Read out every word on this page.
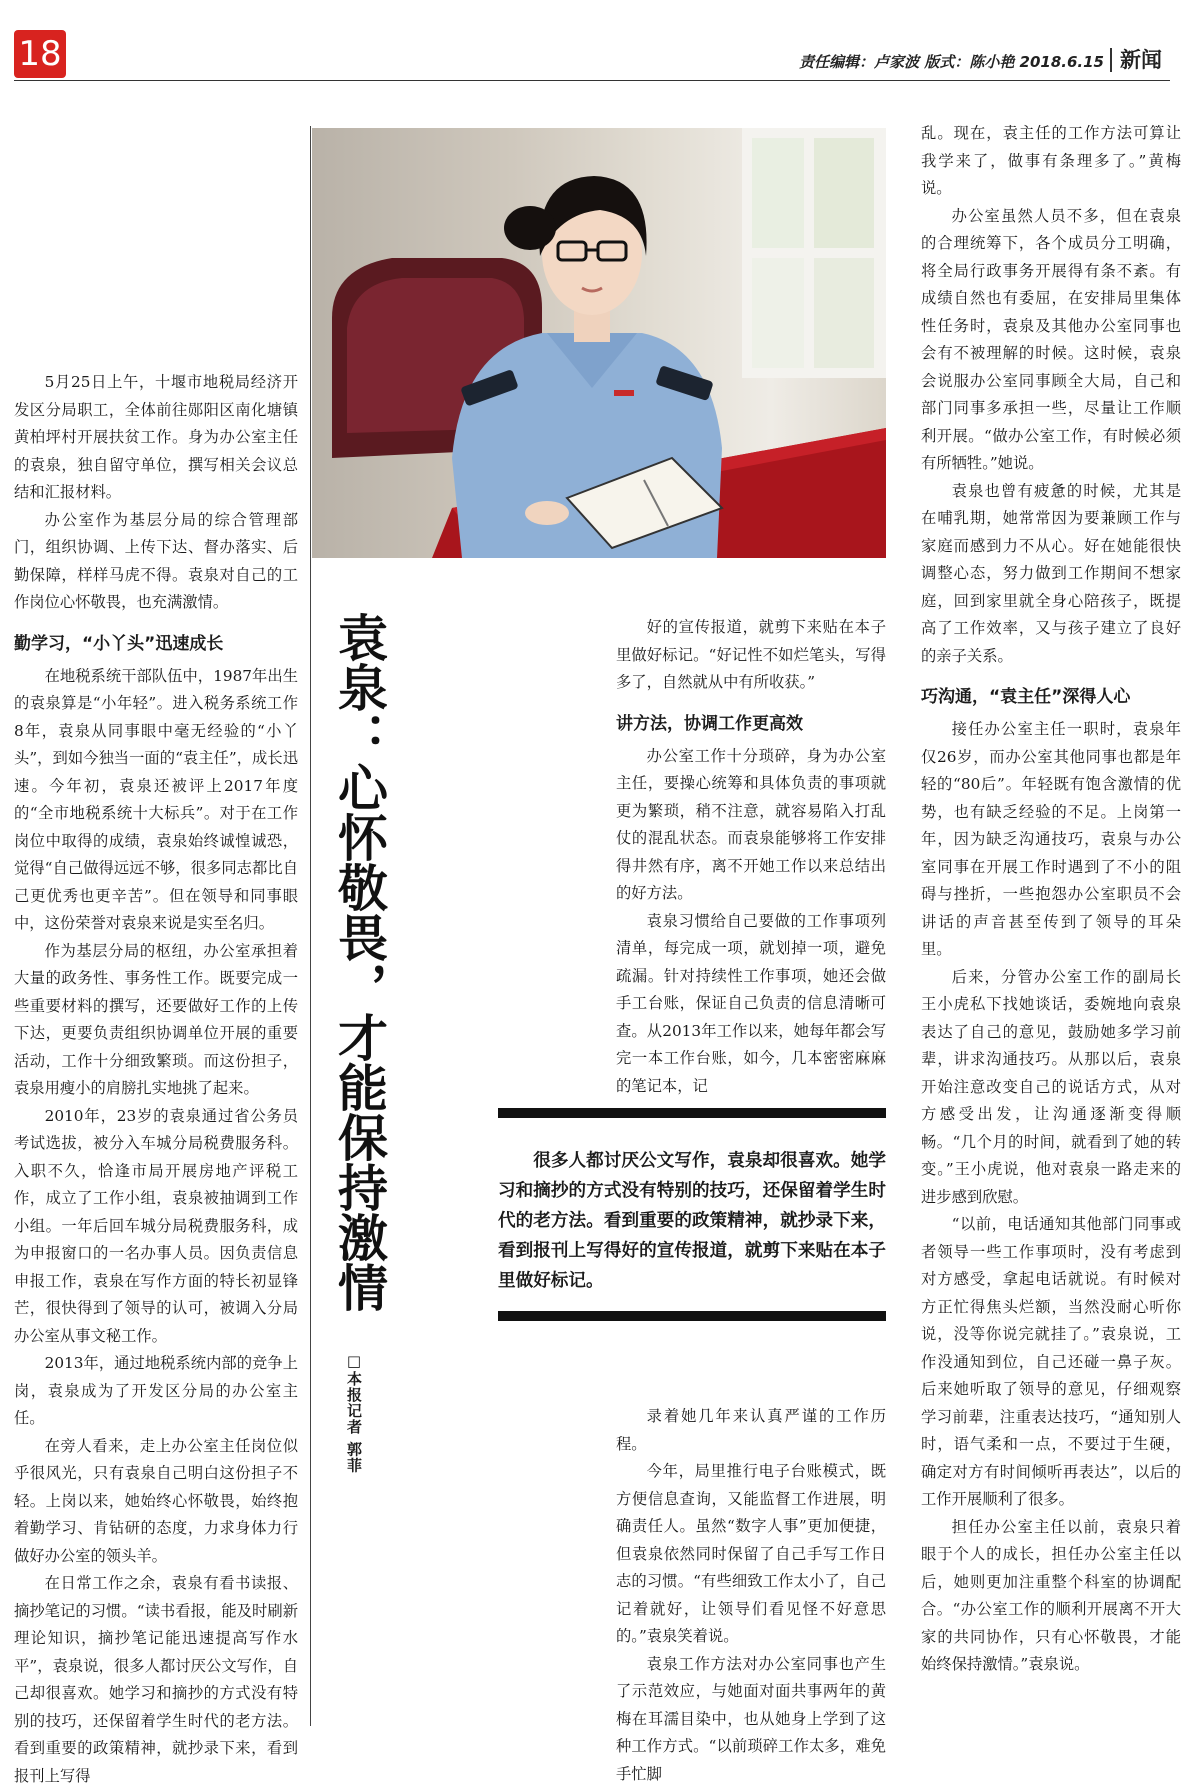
18	责任编辑：卢家波 版式：陈小艳 2018.6.15 新闻

5月25日上午，十堰市地税局经济开发区分局职工，全体前往郧阳区南化塘镇黄柏坪村开展扶贫工作。身为办公室主任的袁泉，独自留守单位，撰写相关会议总结和汇报材料。

办公室作为基层分局的综合管理部门，组织协调、上传下达、督办落实、后勤保障，样样马虎不得。袁泉对自己的工作岗位心怀敬畏，也充满激情。

勤学习，“小丫头”迅速成长

在地税系统干部队伍中，1987年出生的袁泉算是“小年轻”。进入税务系统工作8年，袁泉从同事眼中毫无经验的“小丫头”，到如今独当一面的“袁主任”，成长迅速。今年初，袁泉还被评上2017年度的“全市地税系统十大标兵”。对于在工作岗位中取得的成绩，袁泉始终诚惶诚恐，觉得“自己做得远远不够，很多同志都比自己更优秀也更辛苦”。但在领导和同事眼中，这份荣誉对袁泉来说是实至名归。

作为基层分局的枢纽，办公室承担着大量的政务性、事务性工作。既要完成一些重要材料的撰写，还要做好工作的上传下达，更要负责组织协调单位开展的重要活动，工作十分细致繁琐。而这份担子，袁泉用瘦小的肩膀扎实地挑了起来。

2010年，23岁的袁泉通过省公务员考试选拔，被分入车城分局税费服务科。入职不久，恰逢市局开展房地产评税工作，成立了工作小组，袁泉被抽调到工作小组。一年后回车城分局税费服务科，成为申报窗口的一名办事人员。因负责信息申报工作，袁泉在写作方面的特长初显锋芒，很快得到了领导的认可，被调入分局办公室从事文秘工作。

2013年，通过地税系统内部的竞争上岗，袁泉成为了开发区分局的办公室主任。

在旁人看来，走上办公室主任岗位似乎很风光，只有袁泉自己明白这份担子不轻。上岗以来，她始终心怀敬畏，始终抱着勤学习、肯钻研的态度，力求身体力行做好办公室的领头羊。

在日常工作之余，袁泉有看书读报、摘抄笔记的习惯。“读书看报，能及时刷新理论知识，摘抄笔记能迅速提高写作水平”，袁泉说，很多人都讨厌公文写作，自己却很喜欢。她学习和摘抄的方式没有特别的技巧，还保留着学生时代的老方法。看到重要的政策精神，就抄录下来，看到报刊上写得

袁泉：心怀敬畏，才能保持激情
□本报记者 郭菲

好的宣传报道，就剪下来贴在本子里做好标记。“好记性不如烂笔头，写得多了，自然就从中有所收获。”

讲方法，协调工作更高效

办公室工作十分琐碎，身为办公室主任，要操心统筹和具体负责的事项就更为繁琐，稍不注意，就容易陷入打乱仗的混乱状态。而袁泉能够将工作安排得井然有序，离不开她工作以来总结出的好方法。

袁泉习惯给自己要做的工作事项列清单，每完成一项，就划掉一项，避免疏漏。针对持续性工作事项，她还会做手工台账，保证自己负责的信息清晰可查。从2013年工作以来，她每年都会写完一本工作台账，如今，几本密密麻麻的笔记本，记

很多人都讨厌公文写作，袁泉却很喜欢。她学习和摘抄的方式没有特别的技巧，还保留着学生时代的老方法。看到重要的政策精神，就抄录下来，看到报刊上写得好的宣传报道，就剪下来贴在本子里做好标记。

录着她几年来认真严谨的工作历程。

今年，局里推行电子台账模式，既方便信息查询，又能监督工作进展，明确责任人。虽然“数字人事”更加便捷，但袁泉依然同时保留了自己手写工作日志的习惯。“有些细致工作太小了，自己记着就好，让领导们看见怪不好意思的。”袁泉笑着说。

袁泉工作方法对办公室同事也产生了示范效应，与她面对面共事两年的黄梅在耳濡目染中，也从她身上学到了这种工作方式。“以前琐碎工作太多，难免手忙脚

乱。现在，袁主任的工作方法可算让我学来了，做事有条理多了。”黄梅说。

办公室虽然人员不多，但在袁泉的合理统筹下，各个成员分工明确，将全局行政事务开展得有条不紊。有成绩自然也有委屈，在安排局里集体性任务时，袁泉及其他办公室同事也会有不被理解的时候。这时候，袁泉会说服办公室同事顾全大局，自己和部门同事多承担一些，尽量让工作顺利开展。“做办公室工作，有时候必须有所牺牲。”她说。

袁泉也曾有疲惫的时候，尤其是在哺乳期，她常常因为要兼顾工作与家庭而感到力不从心。好在她能很快调整心态，努力做到工作期间不想家庭，回到家里就全身心陪孩子，既提高了工作效率，又与孩子建立了良好的亲子关系。

巧沟通，“袁主任”深得人心

接任办公室主任一职时，袁泉年仅26岁，而办公室其他同事也都是年轻的“80后”。年轻既有饱含激情的优势，也有缺乏经验的不足。上岗第一年，因为缺乏沟通技巧，袁泉与办公室同事在开展工作时遇到了不小的阻碍与挫折，一些抱怨办公室职员不会讲话的声音甚至传到了领导的耳朵里。

后来，分管办公室工作的副局长王小虎私下找她谈话，委婉地向袁泉表达了自己的意见，鼓励她多学习前辈，讲求沟通技巧。从那以后，袁泉开始注意改变自己的说话方式，从对方感受出发，让沟通逐渐变得顺畅。“几个月的时间，就看到了她的转变。”王小虎说，他对袁泉一路走来的进步感到欣慰。

“以前，电话通知其他部门同事或者领导一些工作事项时，没有考虑到对方感受，拿起电话就说。有时候对方正忙得焦头烂额，当然没耐心听你说，没等你说完就挂了。”袁泉说，工作没通知到位，自己还碰一鼻子灰。后来她听取了领导的意见，仔细观察学习前辈，注重表达技巧，“通知别人时，语气柔和一点，不要过于生硬，确定对方有时间倾听再表达”，以后的工作开展顺利了很多。

担任办公室主任以前，袁泉只着眼于个人的成长，担任办公室主任以后，她则更加注重整个科室的协调配合。“办公室工作的顺利开展离不开大家的共同协作，只有心怀敬畏，才能始终保持激情。”袁泉说。
